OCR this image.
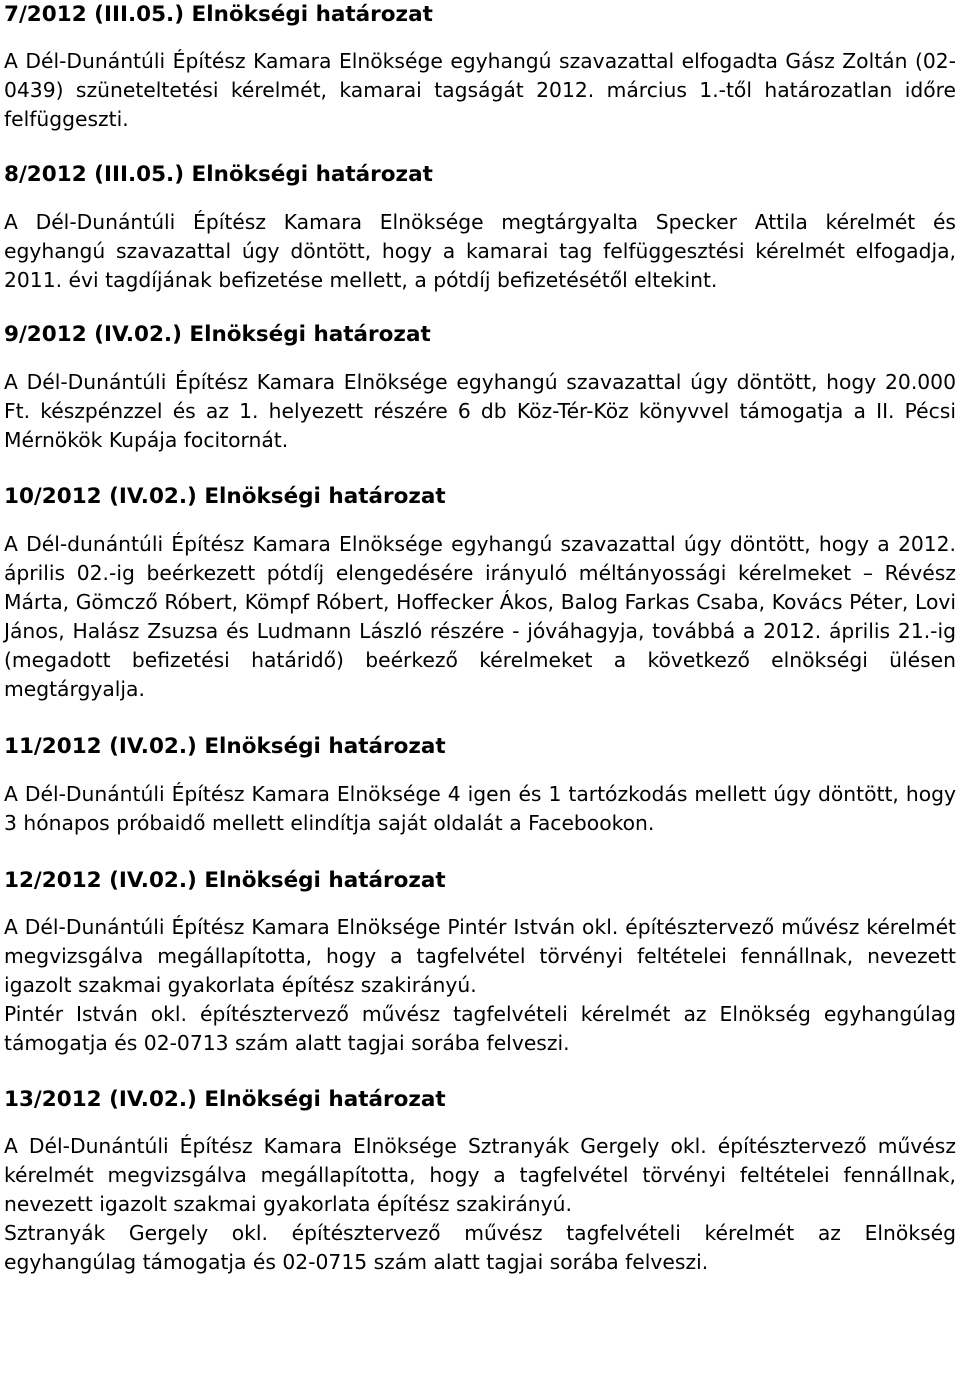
7/2012 (III.05.) Elnökségi határozat

A Dél-Dunántúli Építész Kamara Elnöksége egyhangú szavazattal elfogadta Gász Zoltán (02-0439) szüneteltetési kérelmét, kamarai tagságát 2012. március 1.-től határozatlan időre felfüggeszti.

8/2012 (III.05.) Elnökségi határozat

A Dél-Dunántúli Építész Kamara Elnöksége megtárgyalta Specker Attila kérelmét és egyhangú szavazattal úgy döntött, hogy a kamarai tag felfüggesztési kérelmét elfogadja, 2011. évi tagdíjának befizetése mellett, a pótdíj befizetésétől eltekint.

9/2012 (IV.02.) Elnökségi határozat

A Dél-Dunántúli Építész Kamara Elnöksége egyhangú szavazattal úgy döntött, hogy 20.000 Ft. készpénzzel és az 1. helyezett részére 6 db Köz-Tér-Köz könyvvel támogatja a II. Pécsi Mérnökök Kupája focitornát.

10/2012 (IV.02.) Elnökségi határozat

A Dél-dunántúli Építész Kamara Elnöksége egyhangú szavazattal úgy döntött, hogy a 2012. április 02.-ig beérkezett pótdíj elengedésére irányuló méltányossági kérelmeket – Révész Márta, Gömcző Róbert, Kömpf Róbert, Hoffecker Ákos, Balog Farkas Csaba, Kovács Péter, Lovi János, Halász Zsuzsa és Ludmann László részére - jóváhagyja, továbbá a 2012. április 21.-ig (megadott befizetési határidő) beérkező kérelmeket a következő elnökségi ülésen megtárgyalja.

11/2012 (IV.02.) Elnökségi határozat

A Dél-Dunántúli Építész Kamara Elnöksége 4 igen és 1 tartózkodás mellett úgy döntött, hogy 3 hónapos próbaidő mellett elindítja saját oldalát a Facebookon.

12/2012 (IV.02.) Elnökségi határozat

A Dél-Dunántúli Építész Kamara Elnöksége Pintér István okl. építésztervező művész kérelmét megvizsgálva megállapította, hogy a tagfelvétel törvényi feltételei fennállnak, nevezett igazolt szakmai gyakorlata építész szakirányú.

Pintér István okl. építésztervező művész tagfelvételi kérelmét az Elnökség egyhangúlag támogatja és 02-0713 szám alatt tagjai sorába felveszi.

13/2012 (IV.02.) Elnökségi határozat

A Dél-Dunántúli Építész Kamara Elnöksége Sztranyák Gergely okl. építésztervező művész kérelmét megvizsgálva megállapította, hogy a tagfelvétel törvényi feltételei fennállnak, nevezett igazolt szakmai gyakorlata építész szakirányú.

Sztranyák Gergely okl. építésztervező művész tagfelvételi kérelmét az Elnökség egyhangúlag támogatja és 02-0715 szám alatt tagjai sorába felveszi.
